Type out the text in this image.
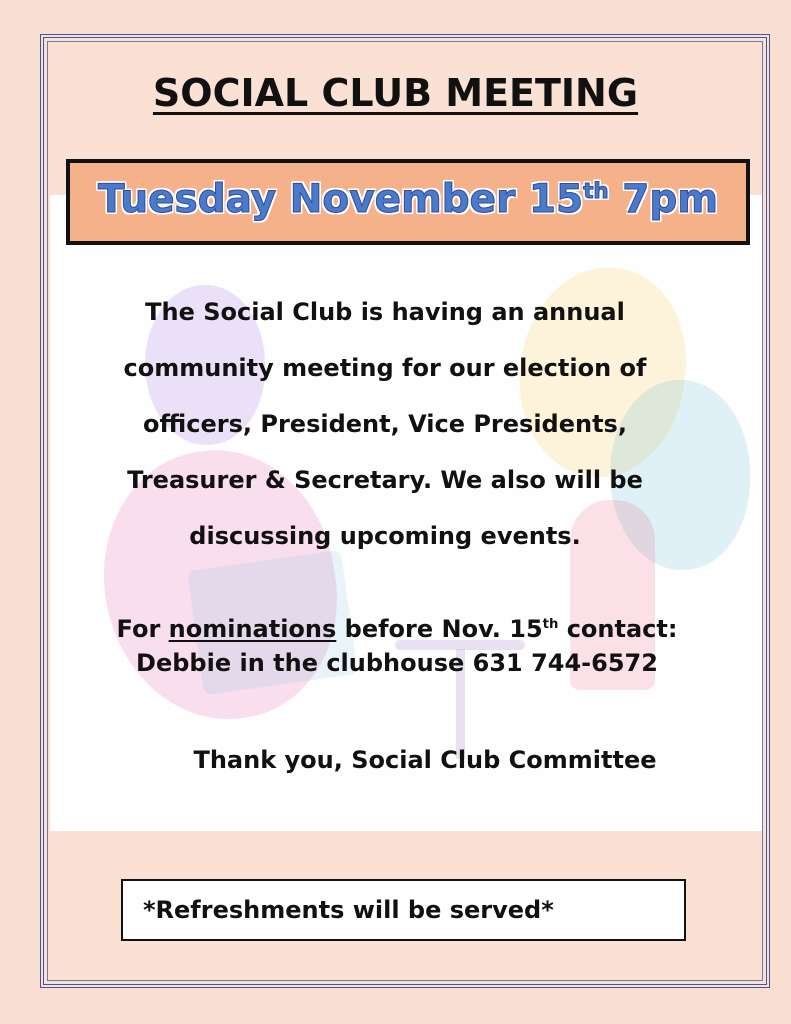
SOCIAL CLUB MEETING
Tuesday November 15th 7pm
The Social Club is having an annual
community meeting for our election of
officers, President, Vice Presidents,
Treasurer & Secretary. We also will be
discussing upcoming events.
For nominations before Nov. 15th contact:
Debbie in the clubhouse 631 744-6572
Thank you, Social Club Committee
*Refreshments will be served*
